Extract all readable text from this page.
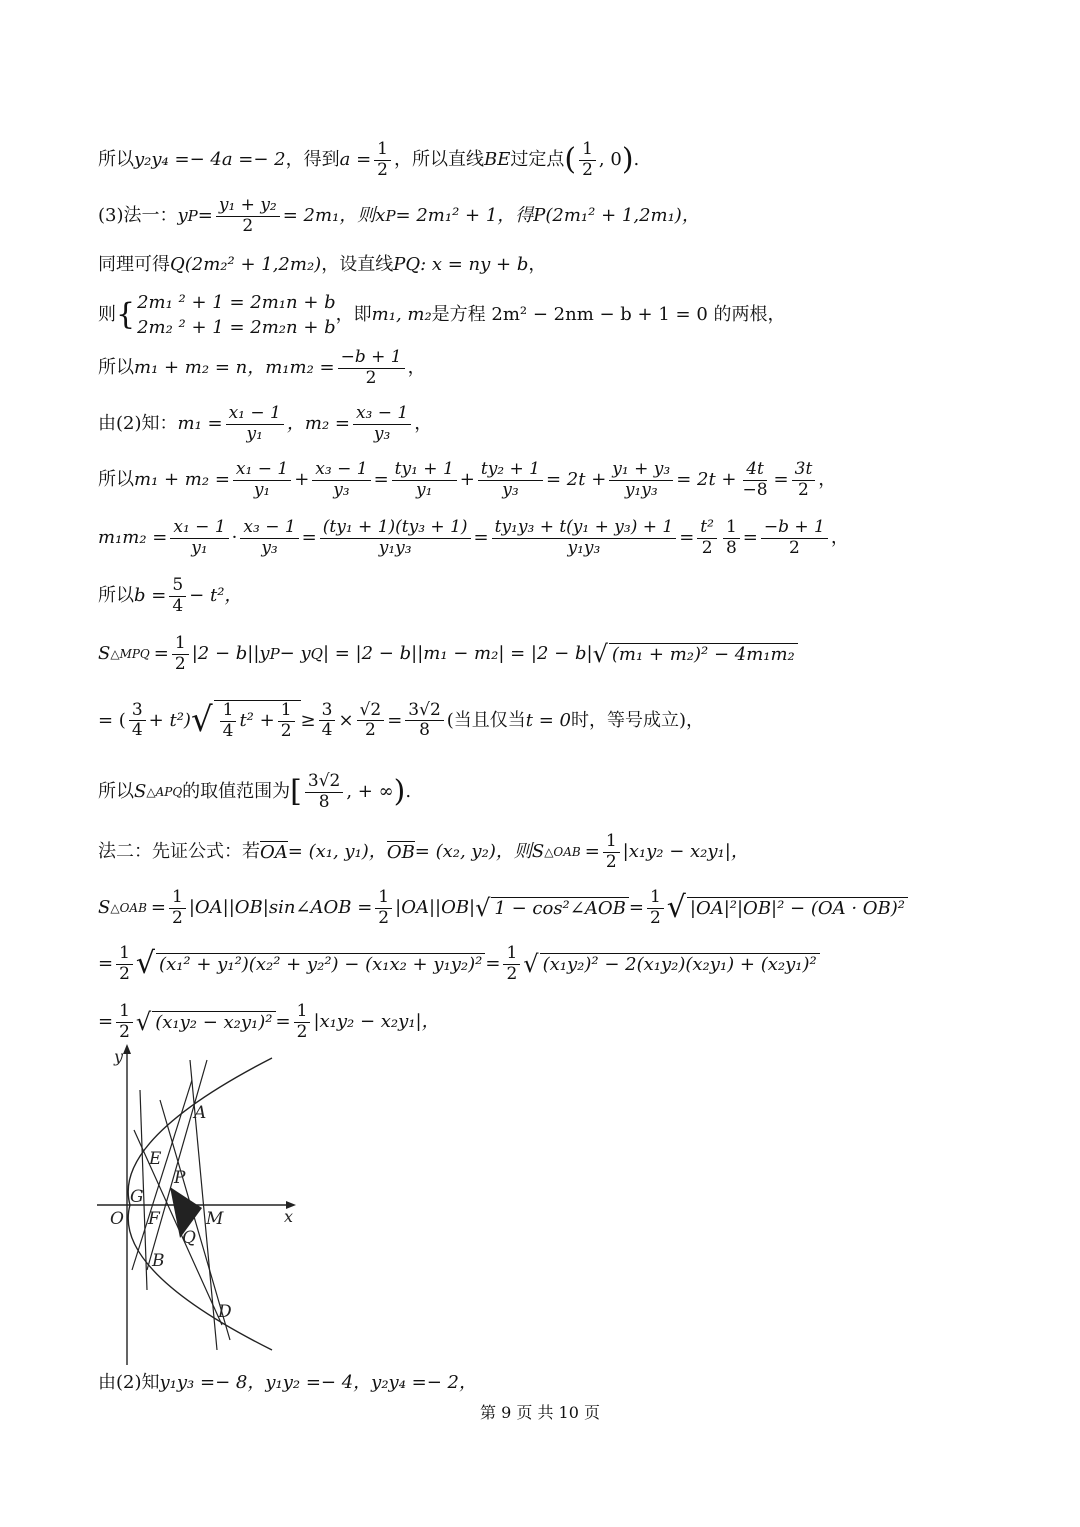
所以 y₂y₄ =− 4a =− 2 ，得到 $a = \frac{1}{2}$ ，所以直线 BE 过定点 ( $\frac{1}{2}$ , 0 ) .
(3)法一： y $P = \frac{\text{y₁ + y₂}}{2} = 2m_1$，则 x P = 2m₁² + 1，得 P(2m₁² + 1,2m₁)，
同理可得 Q(2m₂² + 1,2m₂) ，设直线 PQ: x = ny + b ，
则 { 2m₁ ² + 1 = 2m₁n + b
2m₂ ² + 1 = 2m₂n + b
，即 m₁, m₂ 是方程 2m² − 2nm − b + 1 = 0 的两根，
所以 m₁ + m₂ = n，$m_1m_2 = \frac{-b + 1}{2}$ ，
由(2)知： $m_1 = \frac{\text{x₁ − 1}}{\text{y₁}}$ ，$m_2 = \frac{\text{x₃ − 1}}{\text{y₃}}$ ，
所以 $m_1 + m_2 = \frac{\text{x₁ − 1}}{\text{y₁}} + \frac{\text{x₃ − 1}}{\text{y₃}} = \frac{\text{ty₁ + 1}}{\text{y₁}} + \frac{\text{ty₂ + 1}}{\text{y₃}} = 2t + \frac{\text{y₁ + y₃}}{\text{y₁y₃}} = 2t + \frac{4t}{-8} = \frac{3t}{2}$ ，
$m_1m_2 = \frac{\text{x₁ − 1}}{\text{y₁}} \cdot \frac{\text{x₃ − 1}}{\text{y₃}} = \frac{\text{(ty₁ + 1)(ty₃ + 1)}}{\text{y₁y₃}} = \frac{\text{ty₁y₃ + t(y₁ + y₃) + 1}}{\text{y₁y₃}} = \frac{\text{t²}}{2} \frac{1}{8} = \frac{-b + 1}{2}$ ，
所以 $b = \frac{5}{4} - t^2$，
S △MPQ = $\frac{1}{2} |2 - b||y$ P − y Q | = |2 − b||m₁ − m₂| = |2 − b| √ (m₁ + m₂)² − 4m₁m₂
= ( $\frac{3}{4} + t^2$) √ $\frac{1}{4} t^2 + \frac{1}{2} \ge \frac{3}{4} \times \frac{√2}{2} = \frac{3√2}{8}$ (当且仅当 t = 0 时，等号成立)，
所以 S △APQ 的取值范围为 [ $\frac{3√2}{8}$ , + ∞ ) .
法二：先证公式：若 OA = (x₁, y₁)， OB = (x₂, y₂)，则 S △OAB = $\frac{1}{2} |x_1y_2 - x_2y_1|$，
S △OAB = $\frac{1}{2}$ |OA||OB|sin∠AOB = $\frac{1}{2} |OA||OB|$ √ 1 − cos²∠AOB = $\frac{1}{2}$ √ |OA|²|OB|² − (OA · OB)²
= $\frac{1}{2}$ √ $(x_1^2 + y_1^2)(x_2^2 + y_2^2) - (x_1x_2 + y_1y_2)^2 = \frac{1}{2}$ √ (x₁y₂)² − 2(x₁y₂)(x₂y₁) + (x₂y₁)²
= $\frac{1}{2}$ √ $(x_1y_2 - x_2y_1)^2 = \frac{1}{2} |x_1y_2 - x_2y_1|$，
y
x
O
A
E
P
G
F	M
Q
B
D
由(2)知 y₁y₃ =− 8，y₁y₂ =− 4，y₂y₄ =− 2，
第 9 页 共 10 页
